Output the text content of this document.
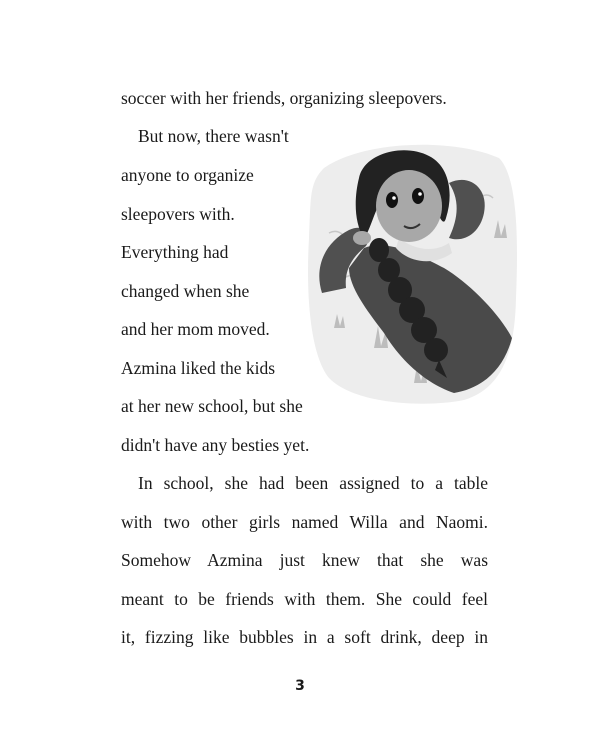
soccer with her friends, organizing sleepovers.
But now, there wasn't
anyone to organize
sleepovers with.
Everything had
changed when she
and her mom moved.
Azmina liked the kids
at her new school, but she
didn't have any besties yet.
In school, she had been assigned to a table
with two other girls named Willa and Naomi.
Somehow Azmina just knew that she was
meant to be friends with them. She could feel
it, fizzing like bubbles in a soft drink, deep in
3
